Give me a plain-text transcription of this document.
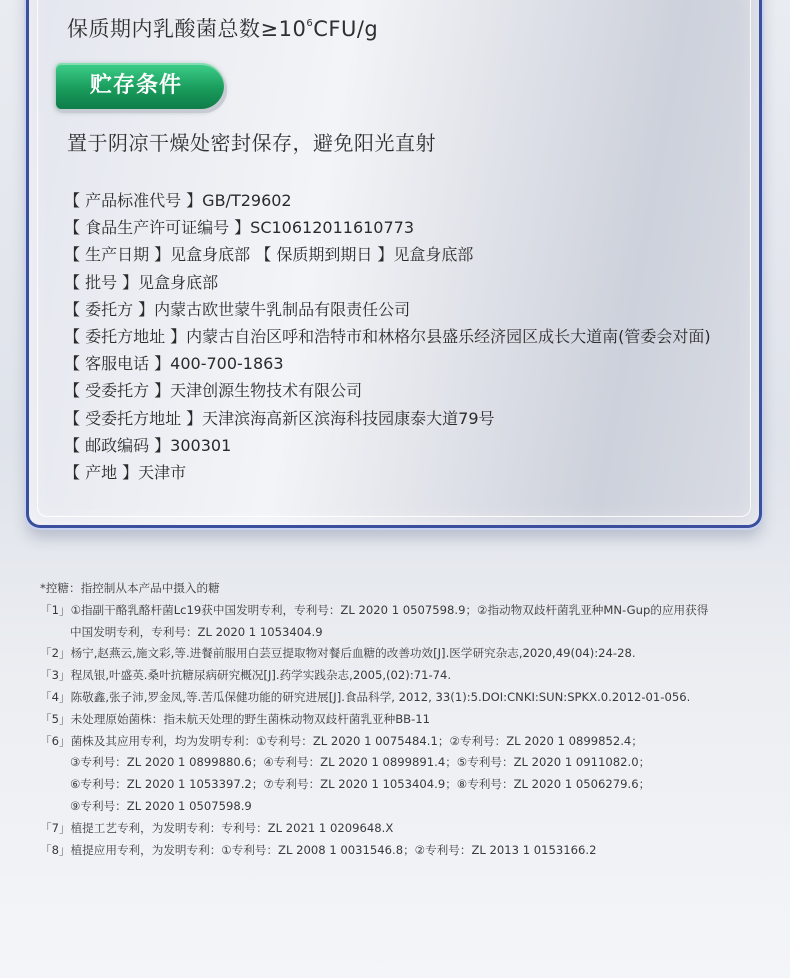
保质期内乳酸菌总数$\ge 10^6CFU/g$
贮存条件
置于阴凉干燥处密封保存，避免阳光直射
【 产品标准代号 】GB/T29602
【 食品生产许可证编号 】SC10612011610773
【 生产日期 】见盒身底部 【 保质期到期日 】见盒身底部
【 批号 】见盒身底部
【 委托方 】内蒙古欧世蒙牛乳制品有限责任公司
【 委托方地址 】内蒙古自治区呼和浩特市和林格尔县盛乐经济园区成长大道南(管委会对面)
【 客服电话 】400-700-1863
【 受委托方 】天津创源生物技术有限公司
【 受委托方地址 】天津滨海高新区滨海科技园康泰大道79号
【 邮政编码 】300301
【 产地 】天津市
*控糖：指控制从本产品中摄入的糖
「1」①指副干酪乳酪杆菌Lc19获中国发明专利，专利号：ZL 2020 1 0507598.9；②指动物双歧杆菌乳亚种MN-Gup的应用获得
中国发明专利，专利号：ZL 2020 1 1053404.9
「2」杨宁,赵燕云,施文彩,等.进餐前服用白芸豆提取物对餐后血糖的改善功效[J].医学研究杂志,2020,49(04):24-28.
「3」程凤银,叶盛英.桑叶抗糖尿病研究概况[J].药学实践杂志,2005,(02):71-74.
「4」陈敬鑫,张子沛,罗金凤,等.苦瓜保健功能的研究进展[J].食品科学, 2012, 33(1):5.DOI:CNKI:SUN:SPKX.0.2012-01-056.
「5」未处理原始菌株：指未航天处理的野生菌株动物双歧杆菌乳亚种BB-11
「6」菌株及其应用专利，均为发明专利：①专利号：ZL 2020 1 0075484.1；②专利号：ZL 2020 1 0899852.4；
③专利号：ZL 2020 1 0899880.6；④专利号：ZL 2020 1 0899891.4；⑤专利号：ZL 2020 1 0911082.0；
⑥专利号：ZL 2020 1 1053397.2；⑦专利号：ZL 2020 1 1053404.9；⑧专利号：ZL 2020 1 0506279.6；
⑨专利号：ZL 2020 1 0507598.9
「7」植提工艺专利，为发明专利：专利号：ZL 2021 1 0209648.X
「8」植提应用专利，为发明专利：①专利号：ZL 2008 1 0031546.8；②专利号：ZL 2013 1 0153166.2
